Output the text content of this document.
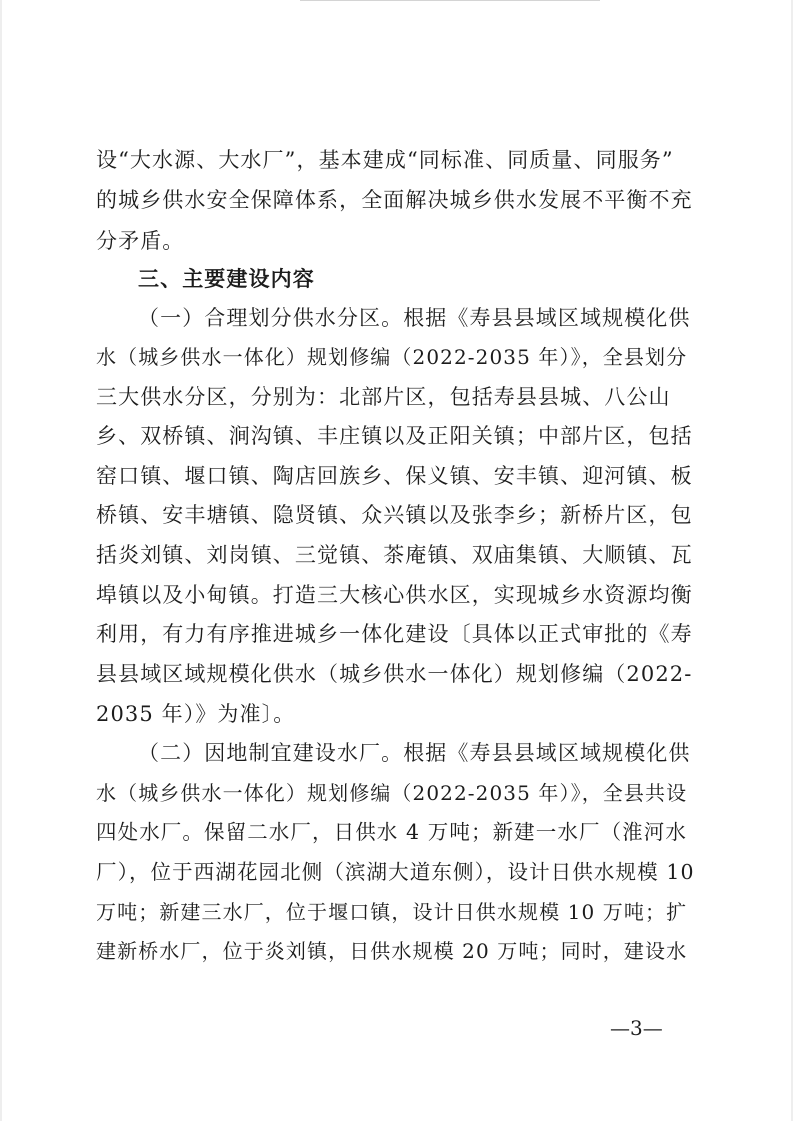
设“大水源、大水厂”，基本建成“同标准、同质量、同服务”
的城乡供水安全保障体系，全面解决城乡供水发展不平衡不充
分矛盾。
三、主要建设内容
（一）合理划分供水分区。根据《寿县县域区域规模化供
水（城乡供水一体化）规划修编（2022-2035 年）》，全县划分
三大供水分区，分别为：北部片区，包括寿县县城、八公山
乡、双桥镇、涧沟镇、丰庄镇以及正阳关镇；中部片区，包括
窑口镇、堰口镇、陶店回族乡、保义镇、安丰镇、迎河镇、板
桥镇、安丰塘镇、隐贤镇、众兴镇以及张李乡；新桥片区，包
括炎刘镇、刘岗镇、三觉镇、茶庵镇、双庙集镇、大顺镇、瓦
埠镇以及小甸镇。打造三大核心供水区，实现城乡水资源均衡
利用，有力有序推进城乡一体化建设〔具体以正式审批的《寿
县县域区域规模化供水（城乡供水一体化）规划修编（2022-
2035 年）》为准〕。
（二）因地制宜建设水厂。根据《寿县县域区域规模化供
水（城乡供水一体化）规划修编（2022-2035 年）》，全县共设
四处水厂。保留二水厂，日供水 4 万吨；新建一水厂（淮河水
厂），位于西湖花园北侧（滨湖大道东侧），设计日供水规模 10
万吨；新建三水厂，位于堰口镇，设计日供水规模 10 万吨；扩
建新桥水厂，位于炎刘镇，日供水规模 20 万吨；同时，建设水
—3—
